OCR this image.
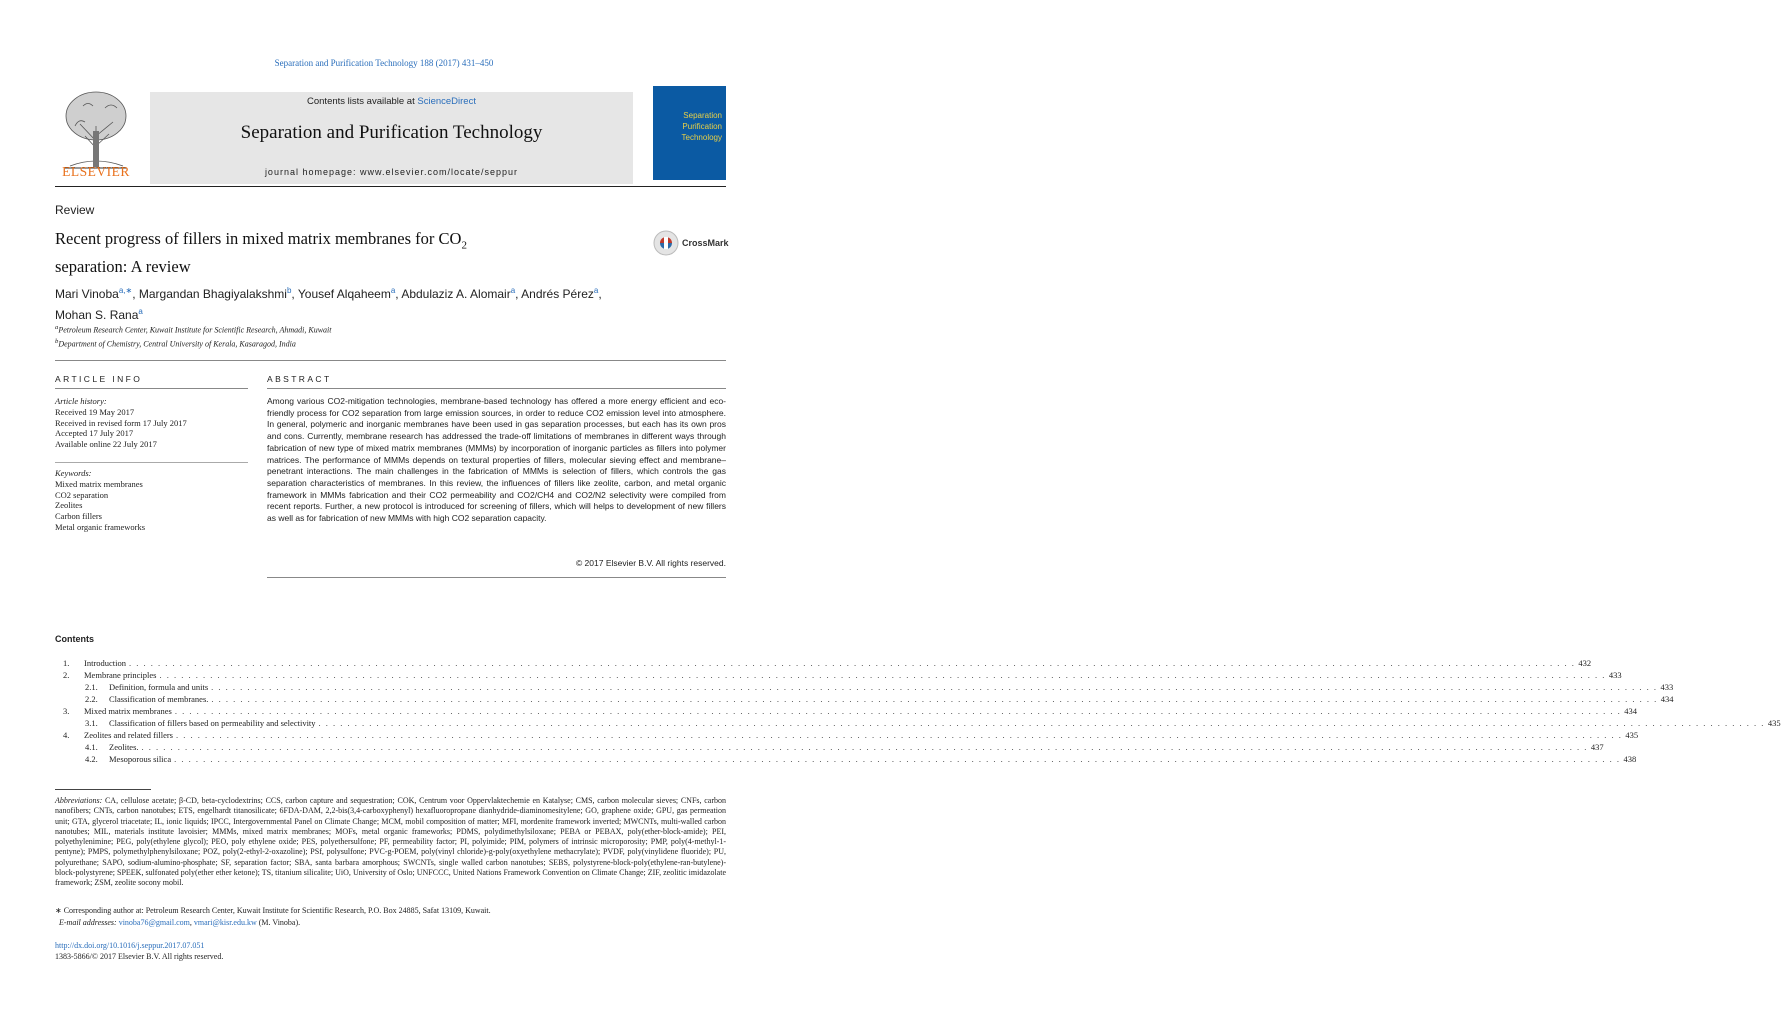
Separation and Purification Technology 188 (2017) 431–450
ELSEVIER
Contents lists available at ScienceDirect
Separation and Purification Technology
journal homepage: www.elsevier.com/locate/seppur
Separation
Purification
Technology
Review
Recent progress of fillers in mixed matrix membranes for $CO_2$
separation: A review
CrossMark
Mari Vinoba$^{a,∗}$, Margandan Bhagiyalakshmi$^b$, Yousef Alqaheem$^a$, Abdulaziz A. Alomair$^a$, Andrés Pérez$^a$,
Mohan S. Rana$^a$
$^a$Petroleum Research Center, Kuwait Institute for Scientific Research, Ahmadi, Kuwait
$^b$Department of Chemistry, Central University of Kerala, Kasaragod, India
ARTICLE INFO	ABSTRACT
Article history:
Received 19 May 2017
Received in revised form 17 July 2017
Accepted 17 July 2017
Available online 22 July 2017
Keywords:
Mixed matrix membranes
CO2 separation
Zeolites
Carbon fillers
Metal organic frameworks
Among various CO2-mitigation technologies, membrane-based technology has offered a more energy efficient and eco-friendly process for CO2 separation from large emission sources, in order to reduce CO2 emission level into atmosphere. In general, polymeric and inorganic membranes have been used in gas separation processes, but each has its own pros and cons. Currently, membrane research has addressed the trade-off limitations of membranes in different ways through fabrication of new type of mixed matrix membranes (MMMs) by incorporation of inorganic particles as fillers into polymer matrices. The performance of MMMs depends on textural properties of fillers, molecular sieving effect and membrane–penetrant interactions. The main challenges in the fabrication of MMMs is selection of fillers, which controls the gas separation characteristics of membranes. In this review, the influences of fillers like zeolite, carbon, and metal organic framework in MMMs fabrication and their CO2 permeability and CO2/CH4 and CO2/N2 selectivity were compiled from recent reports. Further, a new protocol is introduced for screening of fillers, which will helps to development of new fillers as well as for fabrication of new MMMs with high CO2 separation capacity.
© 2017 Elsevier B.V. All rights reserved.
Contents
1.	Introduction . . . . . . . . . . . . . . . . . . . . . . . . . . . . . . . . . . . . . . . . . . . . . . . . . . . . . . . . . . . . . . . . . . . . . . . . . . . . . . . . . . . . . . . . . . . . . . . . . . . . . . . . . . . . . . . . . . . . . . . . . . . . . . . . . . . . . . . . . . . . . . . . . . . . . . . . . . . . . . . . . . . . . . . . . . . . . . . . . . . . . . . . . . . . . . . . . . . . . . . . 432
2.	Membrane principles . . . . . . . . . . . . . . . . . . . . . . . . . . . . . . . . . . . . . . . . . . . . . . . . . . . . . . . . . . . . . . . . . . . . . . . . . . . . . . . . . . . . . . . . . . . . . . . . . . . . . . . . . . . . . . . . . . . . . . . . . . . . . . . . . . . . . . . . . . . . . . . . . . . . . . . . . . . . . . . . . . . . . . . . . . . . . . . . . . . . . . . . . . . . . . . . . . . . . . . . 433
2.1.	Definition, formula and units . . . . . . . . . . . . . . . . . . . . . . . . . . . . . . . . . . . . . . . . . . . . . . . . . . . . . . . . . . . . . . . . . . . . . . . . . . . . . . . . . . . . . . . . . . . . . . . . . . . . . . . . . . . . . . . . . . . . . . . . . . . . . . . . . . . . . . . . . . . . . . . . . . . . . . . . . . . . . . . . . . . . . . . . . . . . . . . . . . . . . . . . . . . . . . . . . . . . . . . . 433
2.2.	Classification of membranes. . . . . . . . . . . . . . . . . . . . . . . . . . . . . . . . . . . . . . . . . . . . . . . . . . . . . . . . . . . . . . . . . . . . . . . . . . . . . . . . . . . . . . . . . . . . . . . . . . . . . . . . . . . . . . . . . . . . . . . . . . . . . . . . . . . . . . . . . . . . . . . . . . . . . . . . . . . . . . . . . . . . . . . . . . . . . . . . . . . . . . . . . . . . . . . . . . . . . . . . . 434
3.	Mixed matrix membranes . . . . . . . . . . . . . . . . . . . . . . . . . . . . . . . . . . . . . . . . . . . . . . . . . . . . . . . . . . . . . . . . . . . . . . . . . . . . . . . . . . . . . . . . . . . . . . . . . . . . . . . . . . . . . . . . . . . . . . . . . . . . . . . . . . . . . . . . . . . . . . . . . . . . . . . . . . . . . . . . . . . . . . . . . . . . . . . . . . . . . . . . . . . . . . . . . . . . . . . . 434
3.1.	Classification of fillers based on permeability and selectivity . . . . . . . . . . . . . . . . . . . . . . . . . . . . . . . . . . . . . . . . . . . . . . . . . . . . . . . . . . . . . . . . . . . . . . . . . . . . . . . . . . . . . . . . . . . . . . . . . . . . . . . . . . . . . . . . . . . . . . . . . . . . . . . . . . . . . . . . . . . . . . . . . . . . . . . . . . . . . . . . . . . . . . . . . . . . . . . . . . . . . . . . . . . . . . . . . . . . . . . . 435
4.	Zeolites and related fillers . . . . . . . . . . . . . . . . . . . . . . . . . . . . . . . . . . . . . . . . . . . . . . . . . . . . . . . . . . . . . . . . . . . . . . . . . . . . . . . . . . . . . . . . . . . . . . . . . . . . . . . . . . . . . . . . . . . . . . . . . . . . . . . . . . . . . . . . . . . . . . . . . . . . . . . . . . . . . . . . . . . . . . . . . . . . . . . . . . . . . . . . . . . . . . . . . . . . . . . . 435
4.1.	Zeolites. . . . . . . . . . . . . . . . . . . . . . . . . . . . . . . . . . . . . . . . . . . . . . . . . . . . . . . . . . . . . . . . . . . . . . . . . . . . . . . . . . . . . . . . . . . . . . . . . . . . . . . . . . . . . . . . . . . . . . . . . . . . . . . . . . . . . . . . . . . . . . . . . . . . . . . . . . . . . . . . . . . . . . . . . . . . . . . . . . . . . . . . . . . . . . . . . . . . . . . . . 437
4.2.	Mesoporous silica . . . . . . . . . . . . . . . . . . . . . . . . . . . . . . . . . . . . . . . . . . . . . . . . . . . . . . . . . . . . . . . . . . . . . . . . . . . . . . . . . . . . . . . . . . . . . . . . . . . . . . . . . . . . . . . . . . . . . . . . . . . . . . . . . . . . . . . . . . . . . . . . . . . . . . . . . . . . . . . . . . . . . . . . . . . . . . . . . . . . . . . . . . . . . . . . . . . . . . . . 438
Abbreviations: CA, cellulose acetate; β-CD, beta-cyclodextrins; CCS, carbon capture and sequestration; COK, Centrum voor Oppervlaktechemie en Katalyse; CMS, carbon molecular sieves; CNFs, carbon nanofibers; CNTs, carbon nanotubes; ETS, engelhardt titanosilicate; 6FDA-DAM, 2,2-bis(3,4-carboxyphenyl) hexafluoropropane dianhydride-diaminomesitylene; GO, graphene oxide; GPU, gas permeation unit; GTA, glycerol triacetate; IL, ionic liquids; IPCC, Intergovernmental Panel on Climate Change; MCM, mobil composition of matter; MFI, mordenite framework inverted; MWCNTs, multi-walled carbon nanotubes; MIL, materials institute lavoisier; MMMs, mixed matrix membranes; MOFs, metal organic frameworks; PDMS, polydimethylsiloxane; PEBA or PEBAX, poly(ether-block-amide); PEI, polyethylenimine; PEG, poly(ethylene glycol); PEO, poly ethylene oxide; PES, polyethersulfone; PF, permeability factor; PI, polyimide; PIM, polymers of intrinsic microporosity; PMP, poly(4-methyl-1-pentyne); PMPS, polymethylphenylsiloxane; POZ, poly(2-ethyl-2-oxazoline); PSf, polysulfone; PVC-g-POEM, poly(vinyl chloride)-g-poly(oxyethylene methacrylate); PVDF, poly(vinylidene fluoride); PU, polyurethane; SAPO, sodium-alumino-phosphate; SF, separation factor; SBA, santa barbara amorphous; SWCNTs, single walled carbon nanotubes; SEBS, polystyrene-block-poly(ethylene-ran-butylene)-block-polystyrene; SPEEK, sulfonated poly(ether ether ketone); TS, titanium silicalite; UiO, University of Oslo; UNFCCC, United Nations Framework Convention on Climate Change; ZIF, zeolitic imidazolate framework; ZSM, zeolite socony mobil.
∗ Corresponding author at: Petroleum Research Center, Kuwait Institute for Scientific Research, P.O. Box 24885, Safat 13109, Kuwait.
E-mail addresses: vinoba76@gmail.com, vmari@kisr.edu.kw (M. Vinoba).
http://dx.doi.org/10.1016/j.seppur.2017.07.051
1383-5866/© 2017 Elsevier B.V. All rights reserved.
